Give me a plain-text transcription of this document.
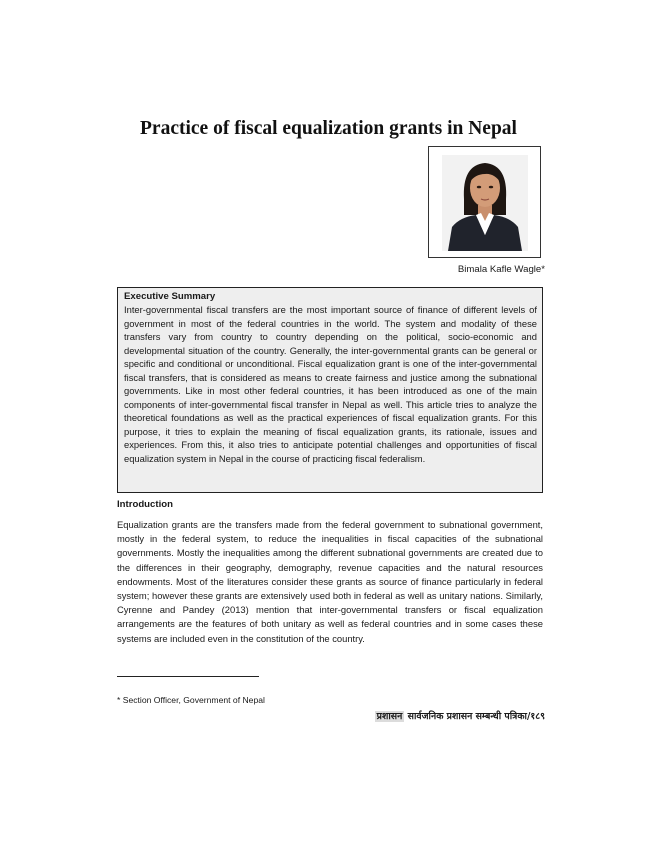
Practice of fiscal equalization grants in Nepal
Bimala Kafle Wagle*
Executive Summary

Inter-governmental fiscal transfers are the most important source of finance of different levels of government in most of the federal countries in the world. The system and modality of these transfers vary from country to country depending on the political, socio-economic and developmental situation of the country. Generally, the inter-governmental grants can be general or specific and conditional or unconditional. Fiscal equalization grant is one of the inter-governmental fiscal transfers, that is considered as means to create fairness and justice among the subnational governments. Like in most other federal countries, it has been introduced as one of the main components of inter-governmental fiscal transfer in Nepal as well. This article tries to analyze the theoretical foundations as well as the practical experiences of fiscal equalization grants. For this purpose, it tries to explain the meaning of fiscal equalization grants, its rationale, issues and experiences. From this, it also tries to anticipate potential challenges and opportunities of fiscal equalization system in Nepal in the course of practicing fiscal federalism.

Introduction

Equalization grants are the transfers made from the federal government to subnational government, mostly in the federal system, to reduce the inequalities in fiscal capacities of the subnational governments. Mostly the inequalities among the different subnational governments are created due to the differences in their geography, demography, revenue capacities and the natural resources endowments. Most of the literatures consider these grants as source of finance particularly in federal system; however these grants are extensively used both in federal as well as unitary nations. Similarly, Cyrenne and Pandey (2013) mention that inter-governmental transfers or fiscal equalization arrangements are the features of both unitary as well as federal countries and in some cases these systems are included even in the constitution of the country.

* Section Officer, Government of Nepal
प्रशासन सार्वजनिक प्रशासन सम्बन्धी पत्रिका/१८९
